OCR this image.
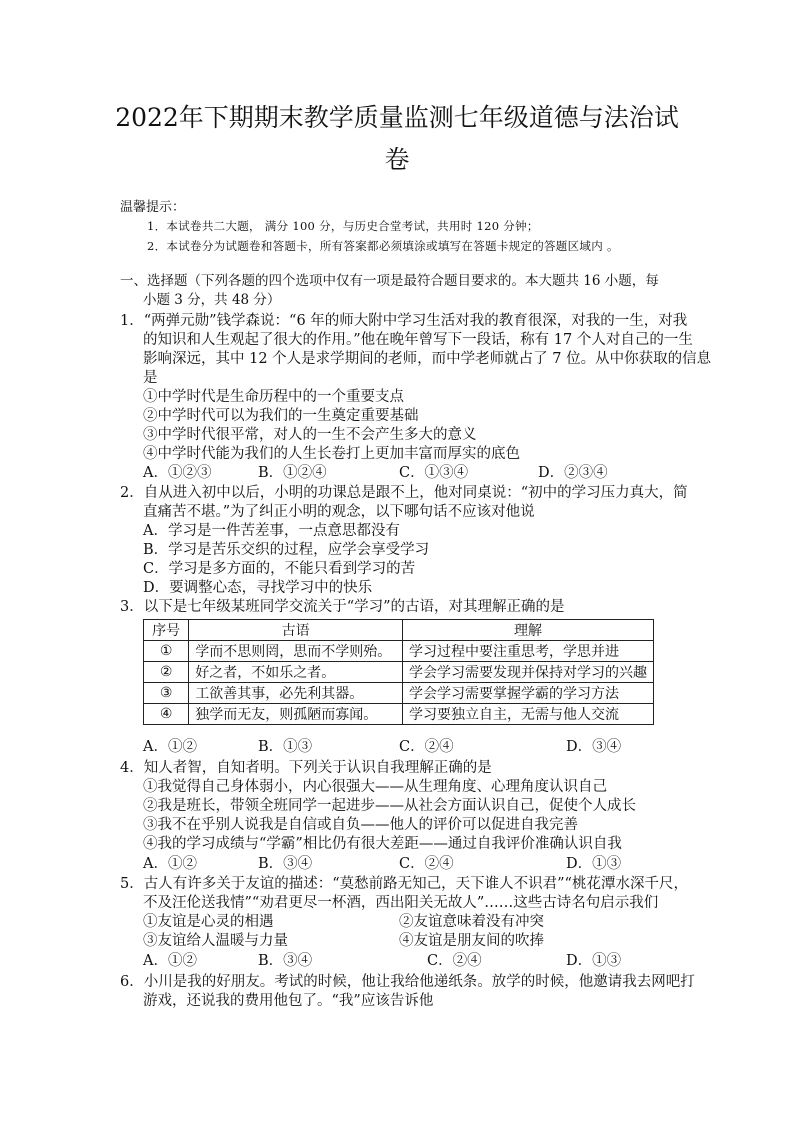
2022年下期期末教学质量监测七年级道德与法治试
卷
温馨提示：
1．本试卷共二大题， 满分 100 分，与历史合堂考试，共用时 120 分钟；
2．本试卷分为试题卷和答题卡，所有答案都必须填涂或填写在答题卡规定的答题区域内 。
一、选择题（下列各题的四个选项中仅有一项是最符合题目要求的。本大题共 16 小题，每
小题 3 分，共 48 分）
1．“两弹元勋”钱学森说：“6 年的师大附中学习生活对我的教育很深，对我的一生，对我
的知识和人生观起了很大的作用。”他在晚年曾写下一段话，称有 17 个人对自己的一生
影响深远，其中 12 个人是求学期间的老师，而中学老师就占了 7 位。从中你获取的信息
是
①中学时代是生命历程中的一个重要支点
②中学时代可以为我们的一生奠定重要基础
③中学时代很平常，对人的一生不会产生多大的意义
④中学时代能为我们的人生长卷打上更加丰富而厚实的底色
A．①②③	B．①②④	C．①③④	D．②③④
2．自从进入初中以后，小明的功课总是跟不上，他对同桌说：“初中的学习压力真大，简
直痛苦不堪。”为了纠正小明的观念，以下哪句话不应该对他说
A．学习是一件苦差事，一点意思都没有
B．学习是苦乐交织的过程，应学会享受学习
C．学习是多方面的，不能只看到学习的苦
D．要调整心态，寻找学习中的快乐
3．以下是七年级某班同学交流关于“学习”的古语，对其理解正确的是
序号	古语	理解
①	学而不思则罔，思而不学则殆。	学习过程中要注重思考，学思并进
②	好之者，不如乐之者。	学会学习需要发现并保持对学习的兴趣
③	工欲善其事，必先利其器。	学会学习需要掌握学霸的学习方法
④	独学而无友，则孤陋而寡闻。	学习要独立自主，无需与他人交流
A．①②	B．①③	C．②④	D．③④
4．知人者智，自知者明。下列关于认识自我理解正确的是
①我觉得自己身体弱小，内心很强大——从生理角度、心理角度认识自己
②我是班长，带领全班同学一起进步——从社会方面认识自己，促使个人成长
③我不在乎别人说我是自信或自负——他人的评价可以促进自我完善
④我的学习成绩与“学霸”相比仍有很大差距——通过自我评价准确认识自我
A．①②	B．③④	C．②④	D．①③
5．古人有许多关于友谊的描述：“莫愁前路无知己，天下谁人不识君”“桃花潭水深千尺，
不及汪伦送我情”“劝君更尽一杯酒，西出阳关无故人”……这些古诗名句启示我们
①友谊是心灵的相遇	②友谊意味着没有冲突
③友谊给人温暖与力量	④友谊是朋友间的吹捧
A．①②	B．③④	C．②④	D．①③
6．小川是我的好朋友。考试的时候，他让我给他递纸条。放学的时候，他邀请我去网吧打
游戏，还说我的费用他包了。“我”应该告诉他
